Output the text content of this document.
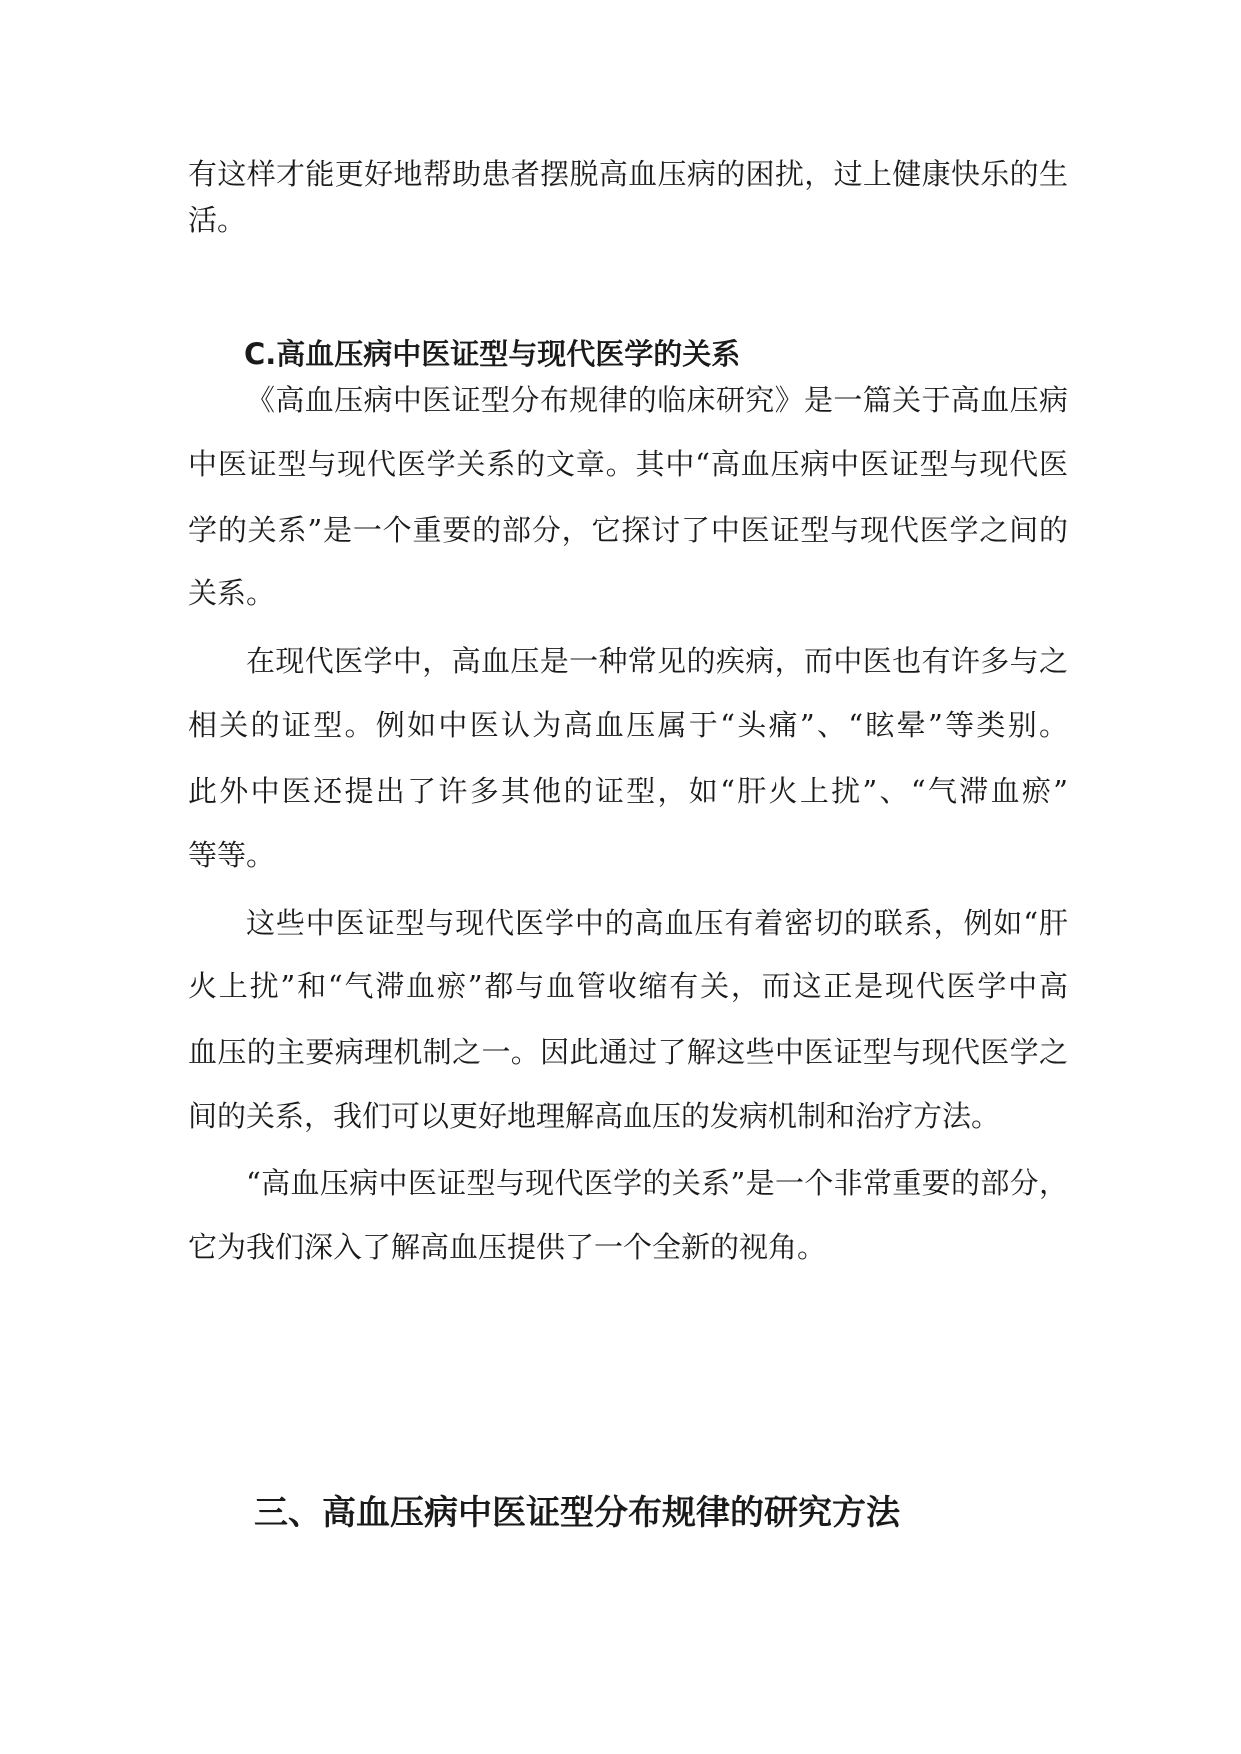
有这样才能更好地帮助患者摆脱高血压病的困扰，过上健康快乐的生
活。
C.高血压病中医证型与现代医学的关系
《高血压病中医证型分布规律的临床研究》是一篇关于高血压病
中医证型与现代医学关系的文章。其中“高血压病中医证型与现代医
学的关系”是一个重要的部分，它探讨了中医证型与现代医学之间的
关系。
在现代医学中，高血压是一种常见的疾病，而中医也有许多与之
相关的证型。例如中医认为高血压属于“头痛”、“眩晕”等类别。
此外中医还提出了许多其他的证型，如“肝火上扰”、“气滞血瘀”
等等。
这些中医证型与现代医学中的高血压有着密切的联系，例如“肝
火上扰”和“气滞血瘀”都与血管收缩有关，而这正是现代医学中高
血压的主要病理机制之一。因此通过了解这些中医证型与现代医学之
间的关系，我们可以更好地理解高血压的发病机制和治疗方法。
“高血压病中医证型与现代医学的关系”是一个非常重要的部分，
它为我们深入了解高血压提供了一个全新的视角。
三、高血压病中医证型分布规律的研究方法
